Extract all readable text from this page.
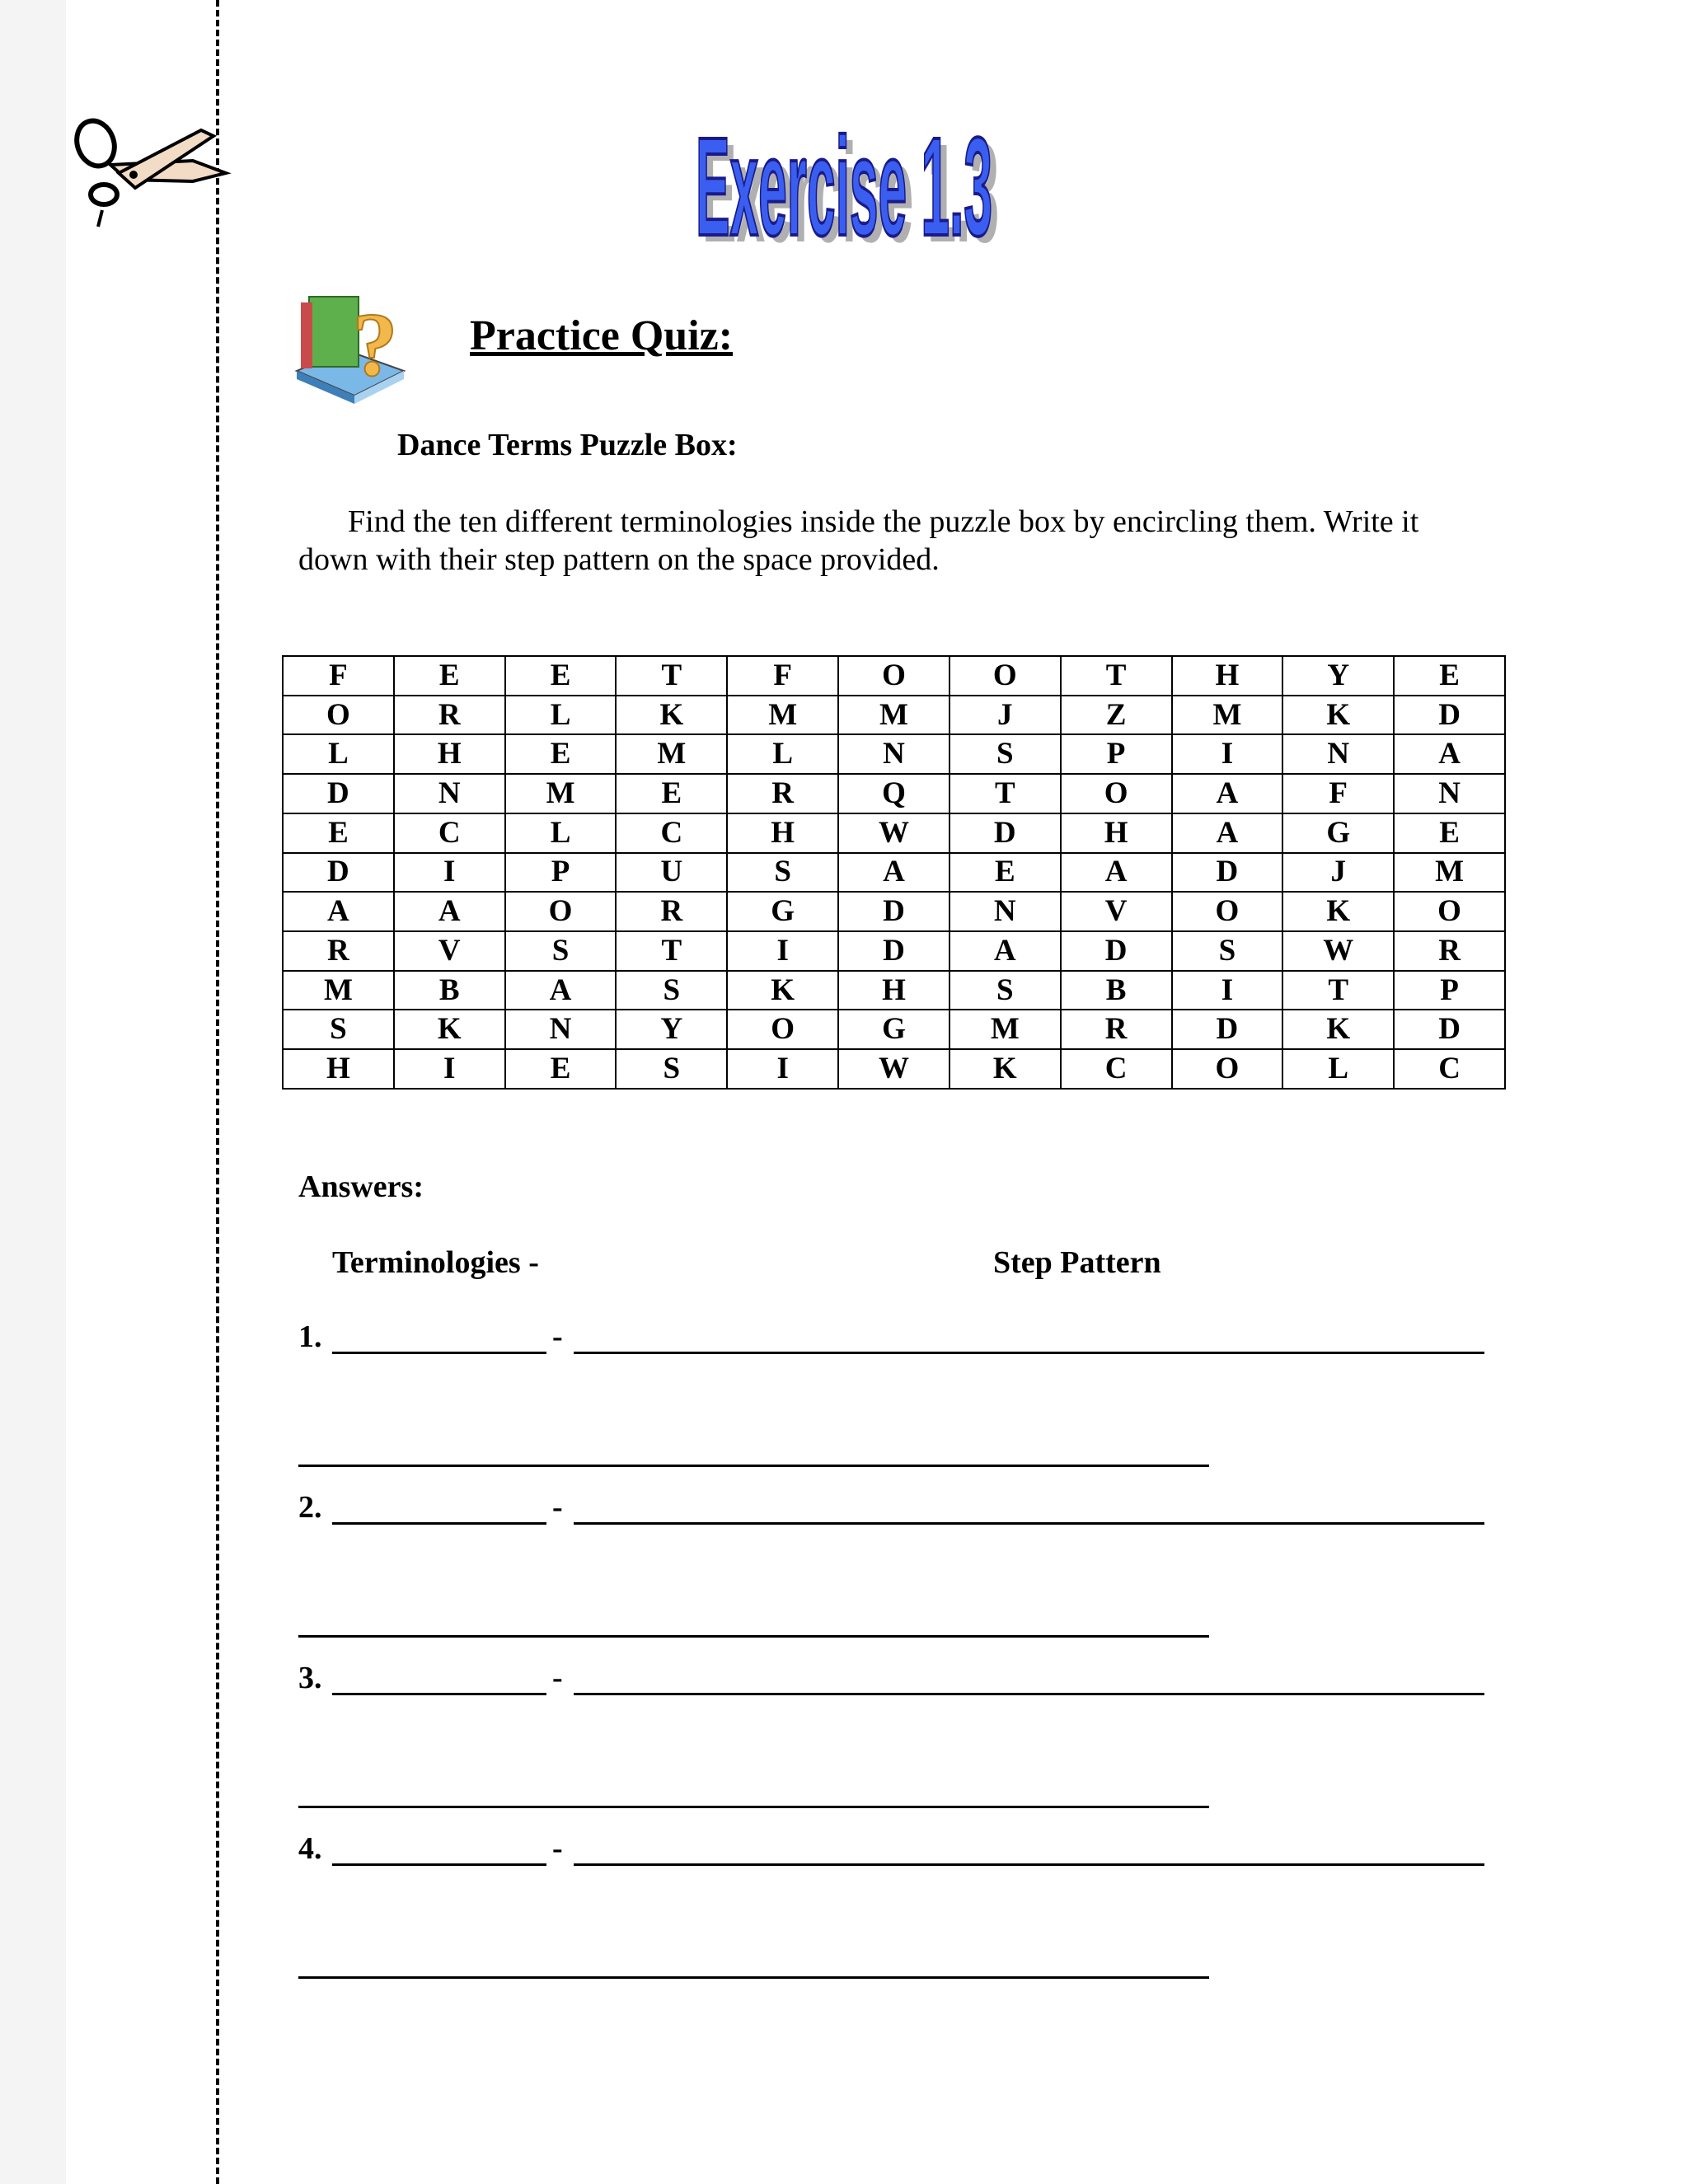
Exercise 1.3
Exercise 1.3
? Practice Quiz:
Dance Terms Puzzle Box:
Find the ten different terminologies inside the puzzle box by encircling them. Write it down with their step pattern on the space provided.
F	E	E	T	F	O	O	T	H	Y	E
O	R	L	K	M	M	J	Z	M	K	D
L	H	E	M	L	N	S	P	I	N	A
D	N	M	E	R	Q	T	O	A	F	N
E	C	L	C	H	W	D	H	A	G	E
D	I	P	U	S	A	E	A	D	J	M
A	A	O	R	G	D	N	V	O	K	O
R	V	S	T	I	D	A	D	S	W	R
M	B	A	S	K	H	S	B	I	T	P
S	K	N	Y	O	G	M	R	D	K	D
H	I	E	S	I	W	K	C	O	L	C
Answers:
Terminologies -	Step Pattern
1.	-
2.	-
3.	-
4.	-
